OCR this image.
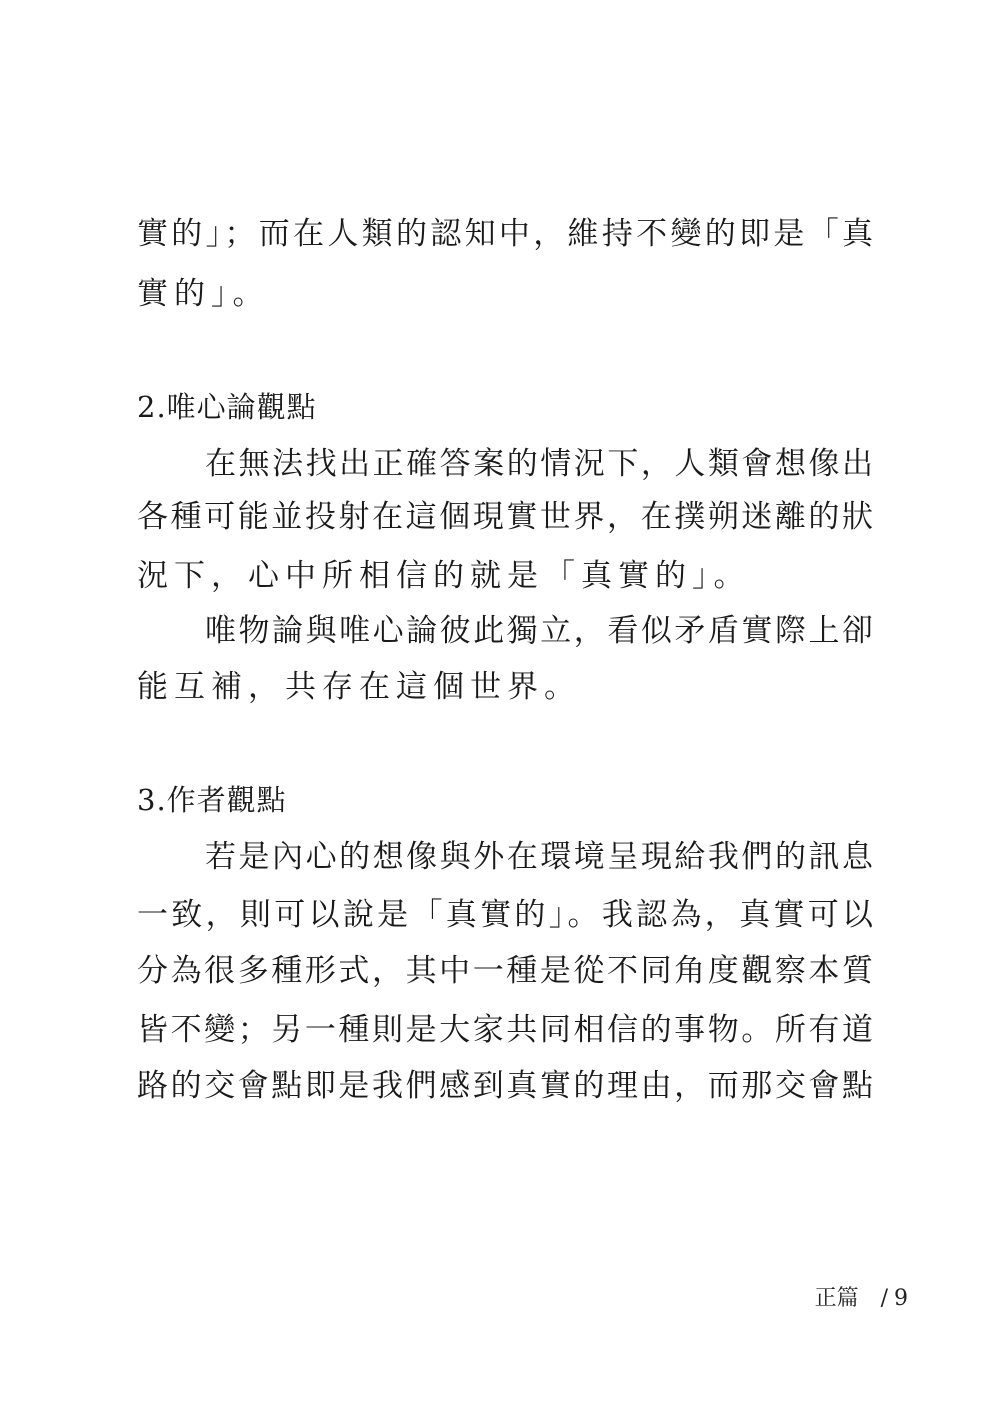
實的」；而在人類的認知中，維持不變的即是「真
實的」。
2.唯心論觀點
在無法找出正確答案的情況下，人類會想像出
各種可能並投射在這個現實世界，在撲朔迷離的狀
況下，心中所相信的就是「真實的」。
唯物論與唯心論彼此獨立，看似矛盾實際上卻
能互補，共存在這個世界。
3.作者觀點
若是內心的想像與外在環境呈現給我們的訊息
一致，則可以說是「真實的」。我認為，真實可以
分為很多種形式，其中一種是從不同角度觀察本質
皆不變；另一種則是大家共同相信的事物。所有道
路的交會點即是我們感到真實的理由，而那交會點
正篇 / 9
